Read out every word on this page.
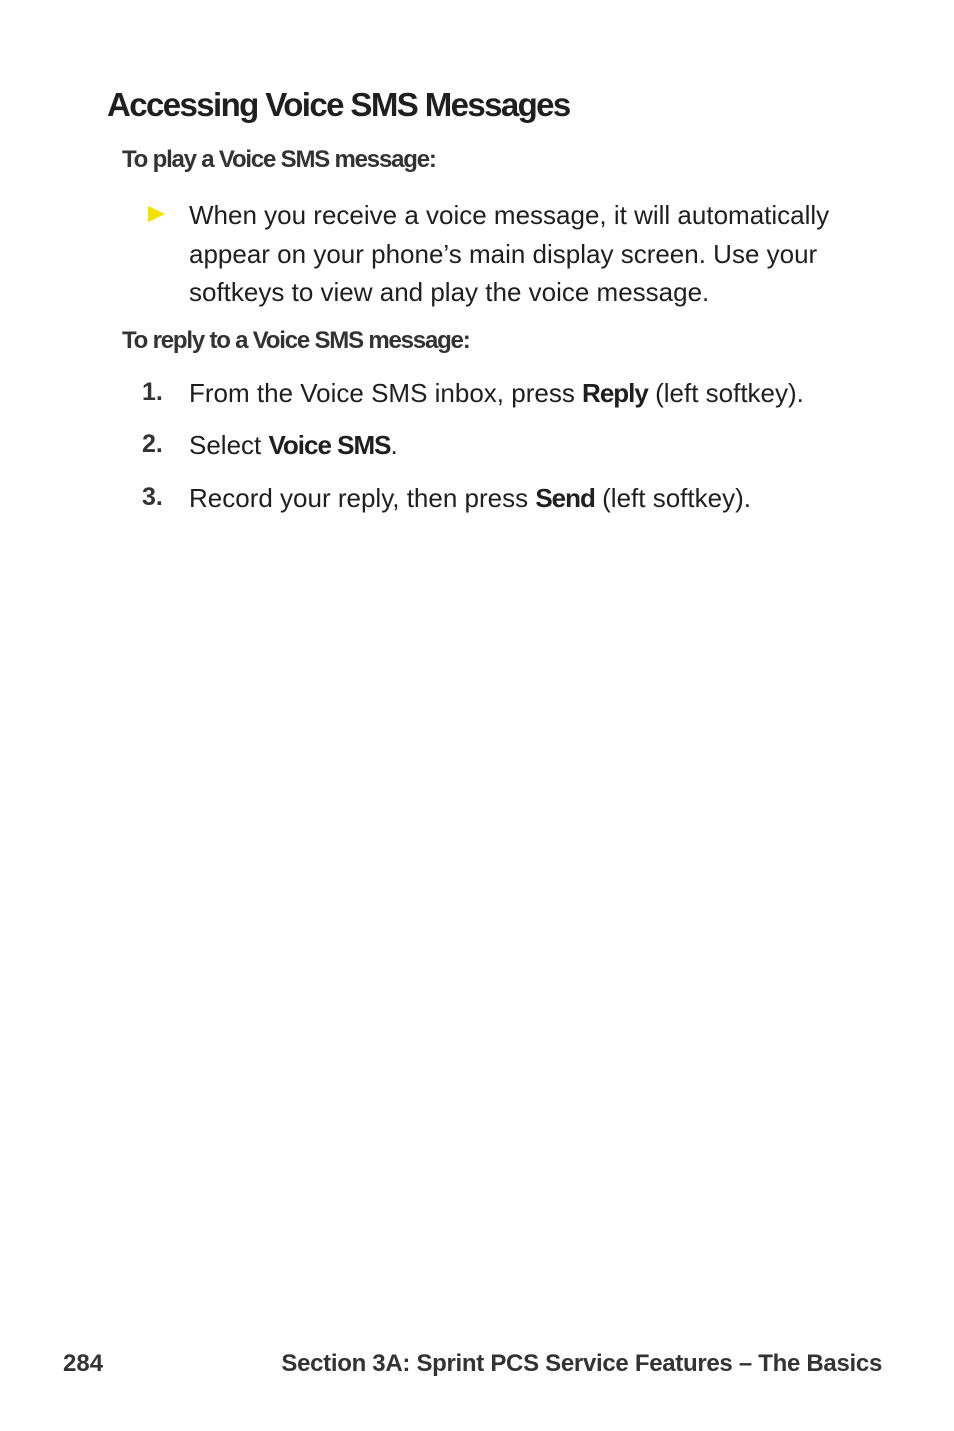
Accessing Voice SMS Messages
To play a Voice SMS message:

When you receive a voice message, it will automatically appear on your phone’s main display screen. Use your softkeys to view and play the voice message.

To reply to a Voice SMS message:
1. From the Voice SMS inbox, press Reply (left softkey).
2. Select Voice SMS.
3. Record your reply, then press Send (left softkey).
284	Section 3A: Sprint PCS Service Features – The Basics
